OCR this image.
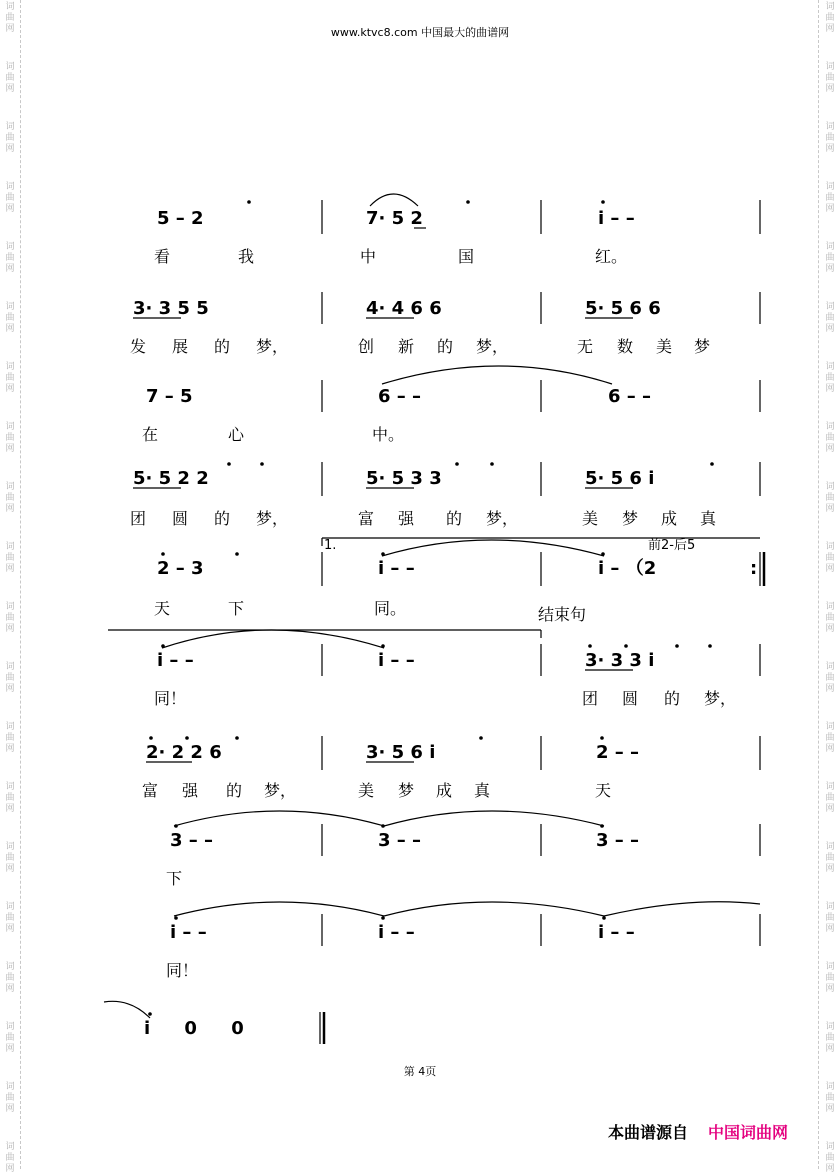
词
曲
网
词
曲
网
词
曲
网
词
曲
网
词
曲
网
词
曲
网
词
曲
网
词
曲
网
词
曲
网
词
曲
网
词
曲
网
词
曲
网
词
曲
网
词
曲
网
词
曲
网
词
曲
网
词
曲
网
词
曲
网
词
曲
网
词
曲
网
词
曲
网
词
曲
网
词
曲
网
词
曲
网
词
曲
网
词
曲
网
词
曲
网
词
曲
网
词
曲
网
词
曲
网
词
曲
网
词
曲
网
词
曲
网
词
曲
网
词
曲
网
词
曲
网
词
曲
网
词
曲
网
词
曲
网
词
曲
网
www.ktvc8.com 中国最大的曲谱网
5 – 2	7· 5 2	i – –
看	我	中	国	红。
3· 3 5 5	4· 4 6 6	5· 5 6 6
发 展 的 梦，	创 新 的 梦，	无 数 美 梦
7 – 5	6 – –	6 – –
在	心	中。
5· 5 2 2	5· 5 3 3	5· 5 6 i
团 圆 的 梦，	富 强 的 梦，	美 梦 成 真
1.	前2-后5
2 – 3	i – –	i – （2	:
天	下	同。	结束句
i – –	i – –	3· 3 3 i
同！	团 圆 的 梦，
2· 2 2 6	3· 5 6 i	2 – –
富 强 的 梦，	美 梦 成 真	天
3 – –	3 – –	3 – –
下
i – –	i – –	i – –
同！
i 0 0
第 4页
本曲谱源自 中国词曲网
